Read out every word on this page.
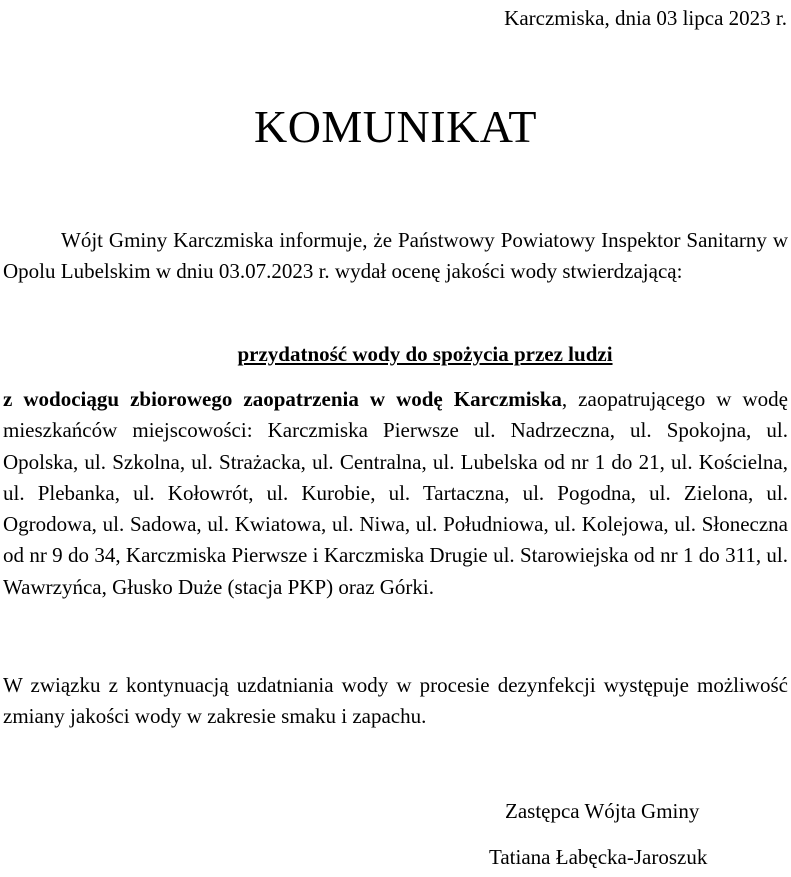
Karczmiska, dnia 03 lipca 2023 r.
KOMUNIKAT

Wójt Gminy Karczmiska informuje, że Państwowy Powiatowy Inspektor Sanitarny w Opolu Lubelskim w dniu 03.07.2023 r. wydał ocenę jakości wody stwierdzającą:

przydatność wody do spożycia przez ludzi

z wodociągu zbiorowego zaopatrzenia w wodę Karczmiska, zaopatrującego w wodę mieszkańców miejscowości: Karczmiska Pierwsze ul. Nadrzeczna, ul. Spokojna, ul. Opolska, ul. Szkolna, ul. Strażacka, ul. Centralna, ul. Lubelska od nr 1 do 21, ul. Kościelna, ul. Plebanka, ul. Kołowrót, ul. Kurobie, ul. Tartaczna, ul. Pogodna, ul. Zielona, ul. Ogrodowa, ul. Sadowa, ul. Kwiatowa, ul. Niwa, ul. Południowa, ul. Kolejowa, ul. Słoneczna od nr 9 do 34, Karczmiska Pierwsze i Karczmiska Drugie ul. Starowiejska od nr 1 do 311, ul. Wawrzyńca, Głusko Duże (stacja PKP) oraz Górki.

W związku z kontynuacją uzdatniania wody w procesie dezynfekcji występuje możliwość zmiany jakości wody w zakresie smaku i zapachu.

Zastępca Wójta Gminy
Tatiana Łabęcka-Jaroszuk
